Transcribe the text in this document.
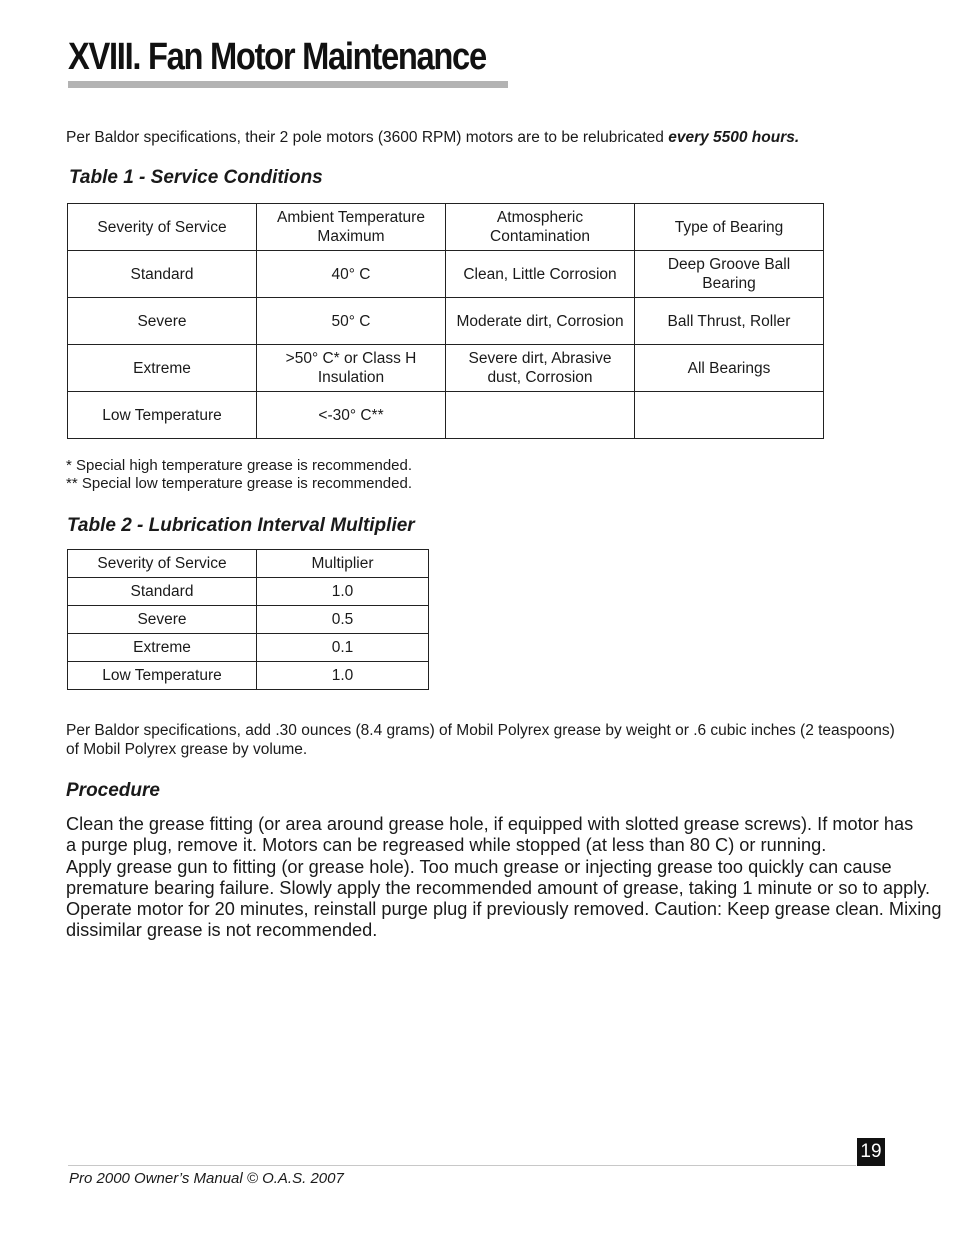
XVIII. Fan Motor Maintenance

Per Baldor specifications, their 2 pole motors (3600 RPM) motors are to be relubricated every 5500 hours.

Table 1 - Service Conditions
Severity of Service	Ambient Temperature Maximum	Atmospheric Contamination	Type of Bearing
Standard	40° C	Clean, Little Corrosion	Deep Groove Ball Bearing
Severe	50° C	Moderate dirt, Corrosion	Ball Thrust, Roller
Extreme	>50° C* or Class H Insulation	Severe dirt, Abrasive dust, Corrosion	All Bearings
Low Temperature	<-30° C**		

* Special high temperature grease is recommended.

** Special low temperature grease is recommended.

Table 2 - Lubrication Interval Multiplier
Severity of Service	Multiplier
Standard	1.0
Severe	0.5
Extreme	0.1
Low Temperature	1.0

Per Baldor specifications, add .30 ounces (8.4 grams) of Mobil Polyrex grease by weight or .6 cubic inches (2 teaspoons) of Mobil Polyrex grease by volume.

Procedure
Clean the grease fitting (or area around grease hole, if equipped with slotted grease screws). If motor has
a purge plug, remove it. Motors can be regreased while stopped (at less than 80 C) or running.
Apply grease gun to fitting (or grease hole). Too much grease or injecting grease too quickly can cause
premature bearing failure. Slowly apply the recommended amount of grease, taking 1 minute or so to apply.
Operate motor for 20 minutes, reinstall purge plug if previously removed. Caution: Keep grease clean. Mixing
dissimilar grease is not recommended.
19

Pro 2000 Owner’s Manual © O.A.S. 2007
